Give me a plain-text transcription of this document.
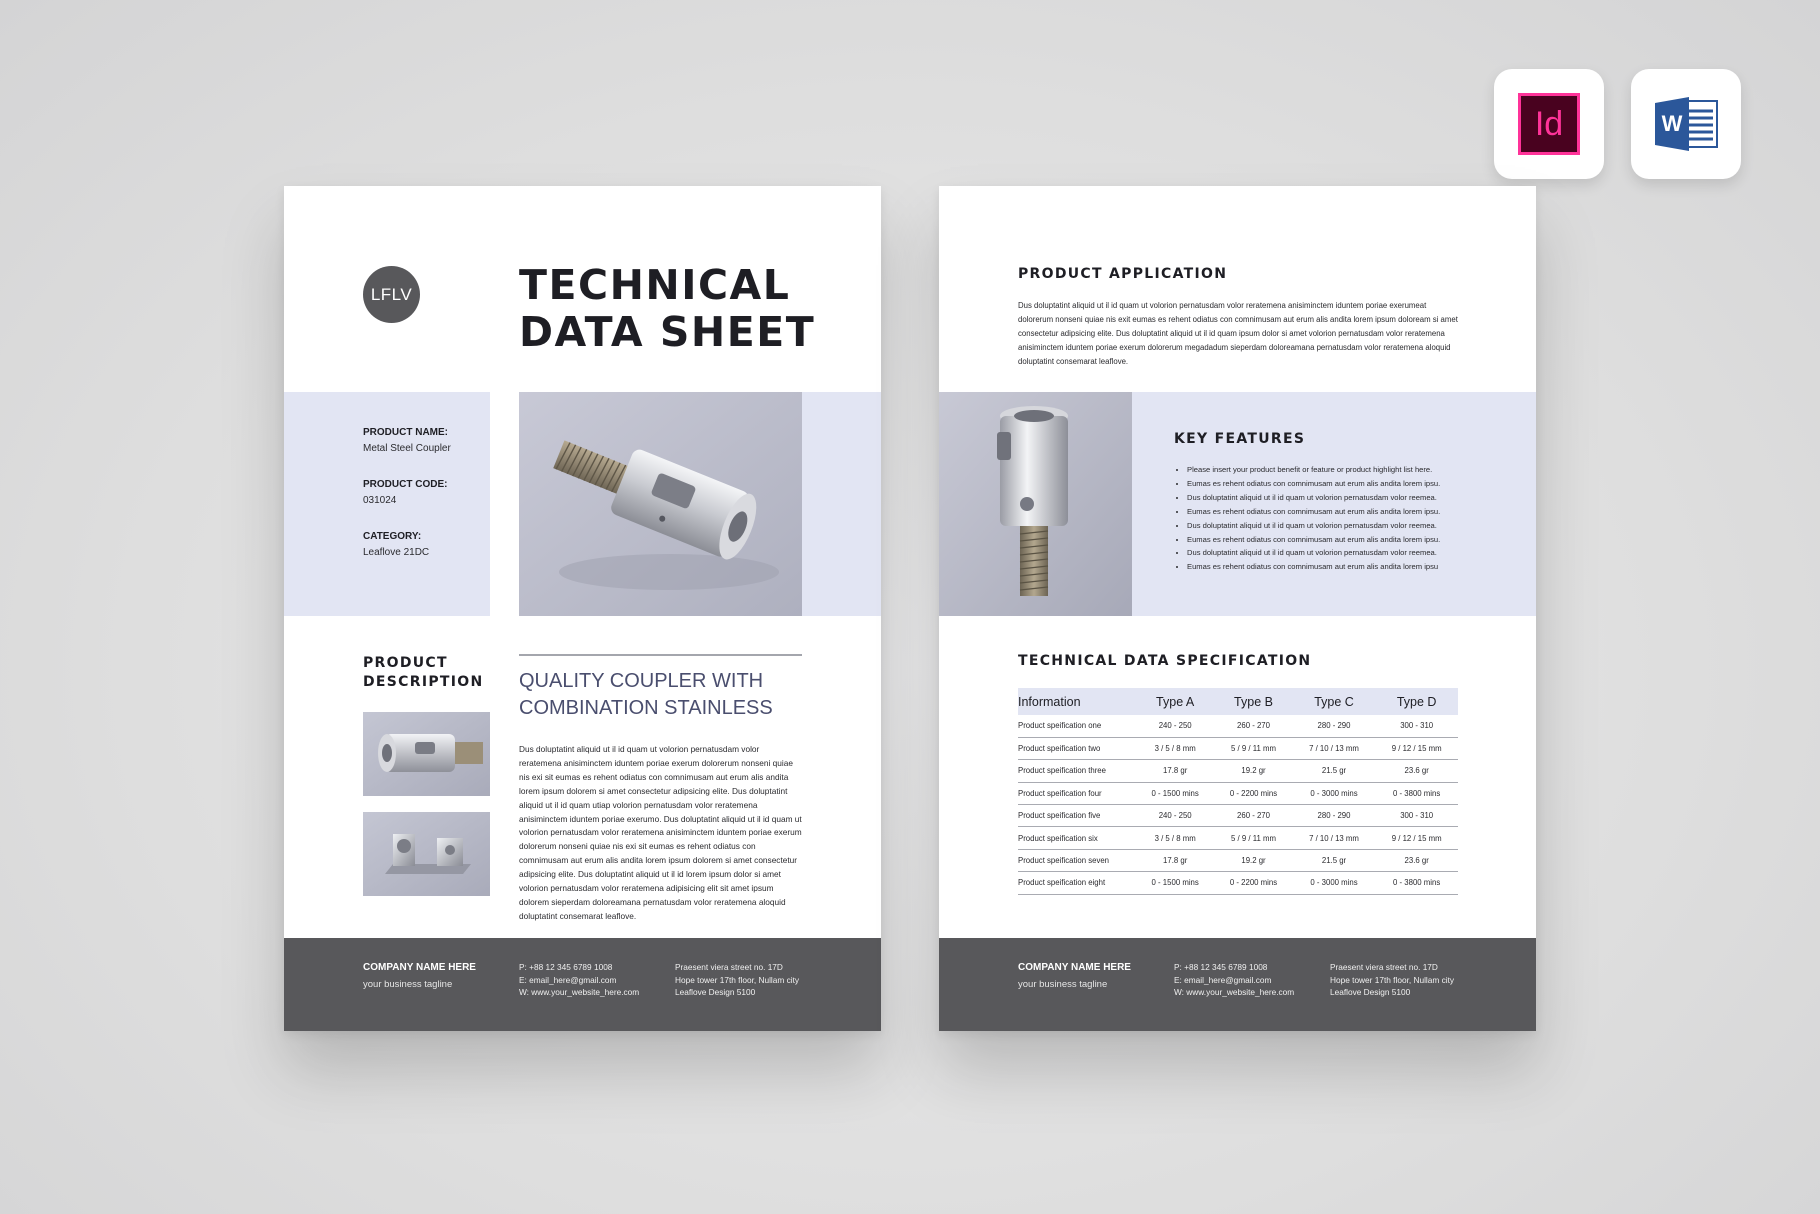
Id	W
LFLV	TECHNICAL
DATA SHEET
PRODUCT NAME:
Metal Steel Coupler
PRODUCT CODE:
031024
CATEGORY:
Leaflove 21DC
PRODUCT
DESCRIPTION QUALITY COUPLER WITH
COMBINATION STAINLESS
Dus doluptatint aliquid ut il id quam ut volorion pernatusdam volor reratemena anisiminctem iduntem poriae exerum dolorerum nonseni quiae nis exi sit eumas es rehent odiatus con comnimusam aut erum alis andita lorem ipsum dolorem si amet consectetur adipsicing elite. Dus doluptatint aliquid ut il id quam utiap volorion pernatusdam volor reratemena anisiminctem iduntem poriae exerumo. Dus doluptatint aliquid ut il id quam ut volorion pernatusdam volor reratemena anisiminctem iduntem poriae exerum dolorerum nonseni quiae nis exi sit eumas es rehent odiatus con comnimusam aut erum alis andita lorem ipsum dolorem si amet consectetur adipsicing elite. Dus doluptatint aliquid ut il id lorem ipsum dolor si amet volorion pernatusdam volor reratemena adipisicing elit sit amet ipsum dolorem sieperdam doloreamana pernatusdam volor reratemena aloquid doluptatint consemarat leaflove.
COMPANY NAME HERE
your business tagline
P: +88 12 345 6789 1008
E: email_here@gmail.com
W: www.your_website_here.com
Praesent viera street no. 17D
Hope tower 17th floor, Nullam city
Leaflove Design 5100
PRODUCT APPLICATION
Dus doluptatint aliquid ut il id quam ut volorion pernatusdam volor reratemena anisiminctem iduntem poriae exerumeat dolorerum nonseni quiae nis exit eumas es rehent odiatus con comnimusam aut erum alis andita lorem ipsum doloream si amet consectetur adipsicing elite. Dus doluptatint aliquid ut il id quam ipsum dolor si amet volorion pernatusdam volor reratemena anisiminctem iduntem poriae exerum dolorerum megadadum sieperdam doloreamana pernatusdam volor reratemena aloquid doluptatint consemarat leaflove.
KEY FEATURES
• Please insert your product benefit or feature or product highlight list here.
• Eumas es rehent odiatus con comnimusam aut erum alis andita lorem ipsu.
• Dus doluptatint aliquid ut il id quam ut volorion pernatusdam volor reemea.
• Eumas es rehent odiatus con comnimusam aut erum alis andita lorem ipsu.
• Dus doluptatint aliquid ut il id quam ut volorion pernatusdam volor reemea.
• Eumas es rehent odiatus con comnimusam aut erum alis andita lorem ipsu.
• Dus doluptatint aliquid ut il id quam ut volorion pernatusdam volor reemea.
• Eumas es rehent odiatus con comnimusam aut erum alis andita lorem ipsu
TECHNICAL DATA SPECIFICATION
Information	Type A	Type B	Type C	Type D
Product speification one	240 - 250	260 - 270	280 - 290	300 - 310
Product speification two	3 / 5 / 8 mm	5 / 9 / 11 mm	7 / 10 / 13 mm	9 / 12 / 15 mm
Product speification three	17.8 gr	19.2 gr	21.5 gr	23.6 gr
Product speification four	0 - 1500 mins	0 - 2200 mins	0 - 3000 mins	0 - 3800 mins
Product speification five	240 - 250	260 - 270	280 - 290	300 - 310
Product speification six	3 / 5 / 8 mm	5 / 9 / 11 mm	7 / 10 / 13 mm	9 / 12 / 15 mm
Product speification seven	17.8 gr	19.2 gr	21.5 gr	23.6 gr
Product speification eight	0 - 1500 mins	0 - 2200 mins	0 - 3000 mins	0 - 3800 mins
COMPANY NAME HERE
your business tagline
P: +88 12 345 6789 1008
E: email_here@gmail.com
W: www.your_website_here.com
Praesent viera street no. 17D
Hope tower 17th floor, Nullam city
Leaflove Design 5100
